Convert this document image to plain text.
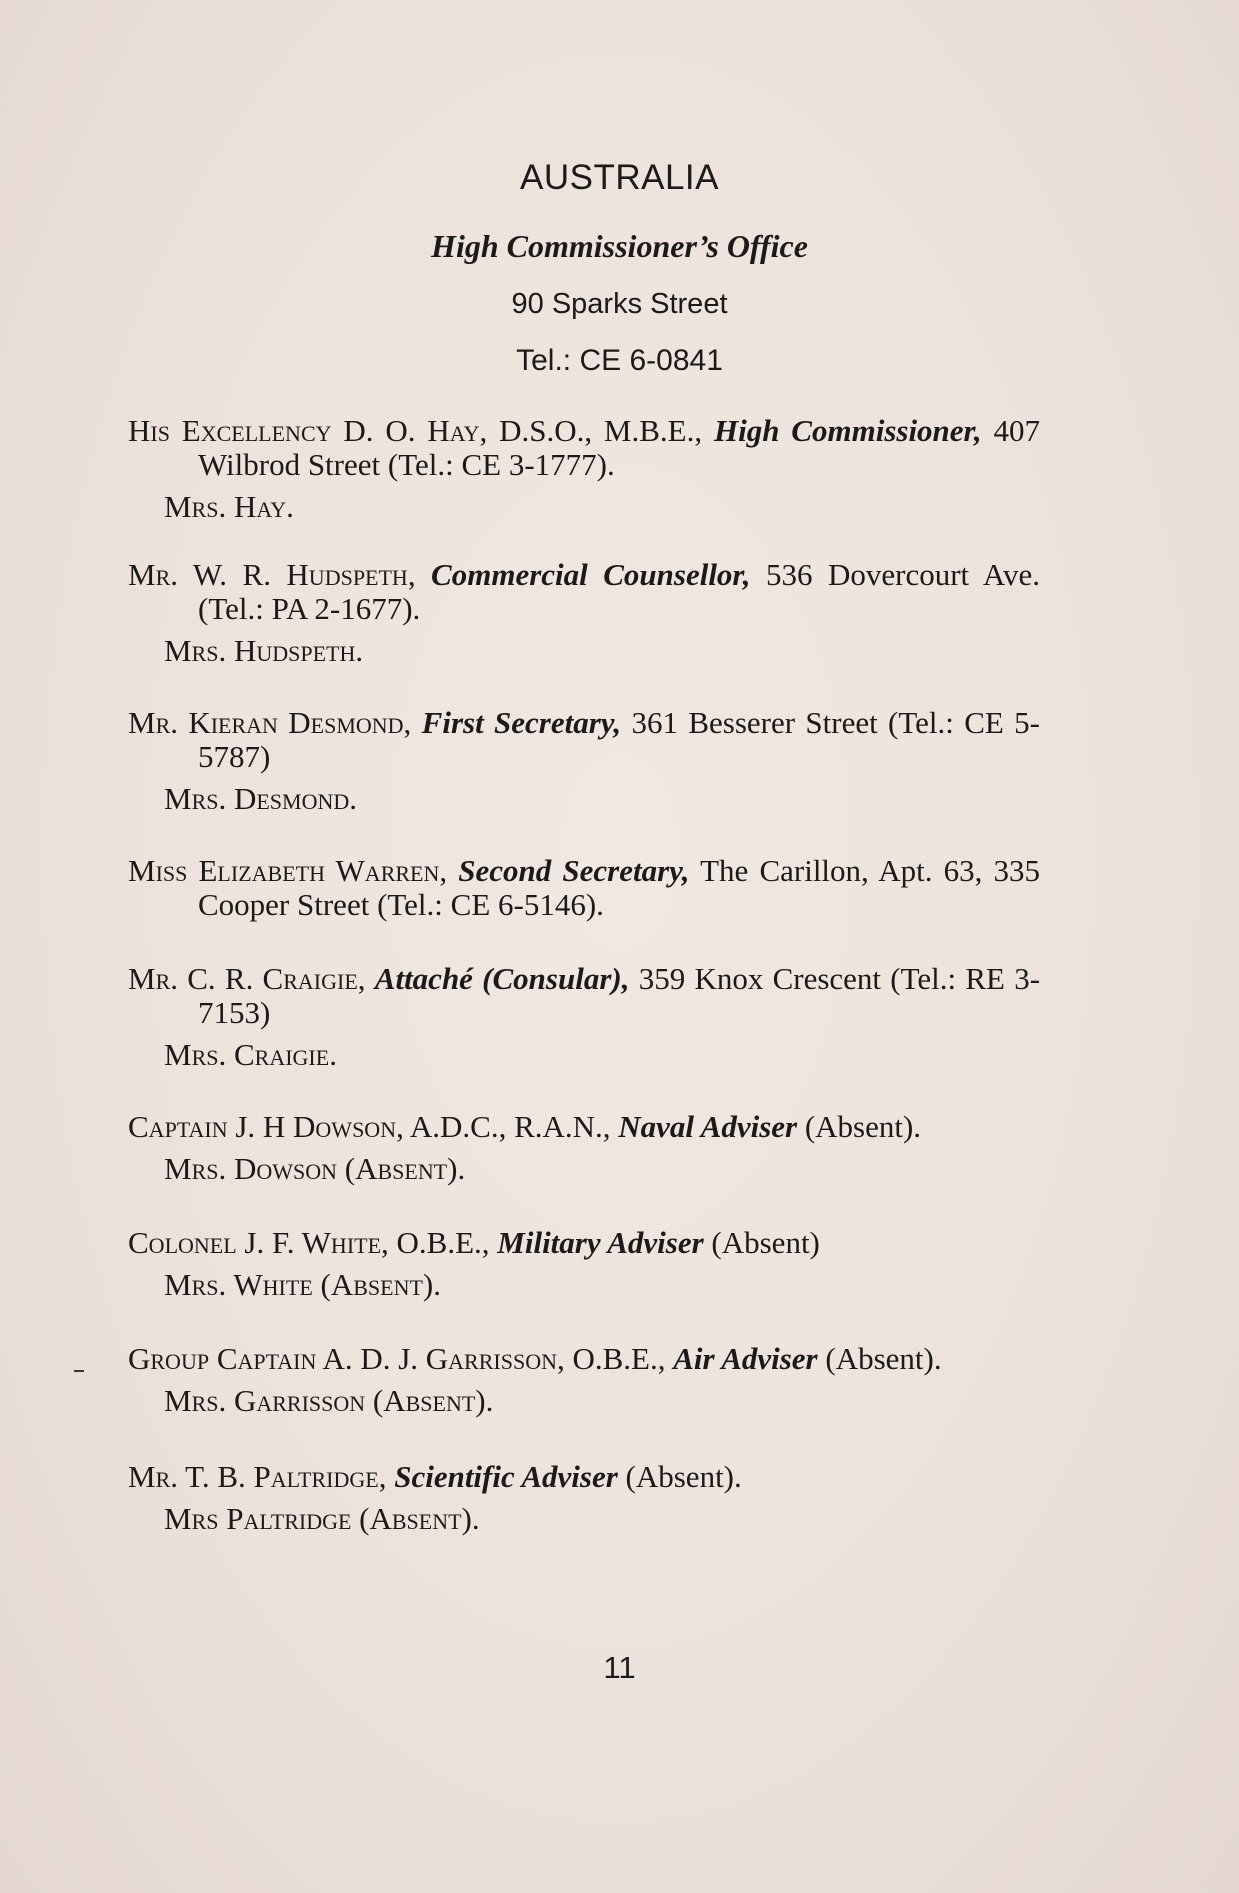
AUSTRALIA
High Commissioner’s Office
90 Sparks Street
Tel.: CE 6-0841
His Excellency D. O. Hay, D.S.O., M.B.E., High Commissioner, 407 Wilbrod Street (Tel.: CE 3-1777).
Mrs. Hay.
Mr. W. R. Hudspeth, Commercial Counsellor, 536 Dovercourt Ave. (Tel.: PA 2-1677).
Mrs. Hudspeth.
Mr. Kieran Desmond, First Secretary, 361 Besserer Street (Tel.: CE 5-5787)
Mrs. Desmond.
Miss Elizabeth Warren, Second Secretary, The Carillon, Apt. 63, 335 Cooper Street (Tel.: CE 6-5146).
Mr. C. R. Craigie, Attaché (Consular), 359 Knox Crescent (Tel.: RE 3-7153)
Mrs. Craigie.
Captain J. H Dowson, A.D.C., R.A.N., Naval Adviser (Absent).
Mrs. Dowson (Absent).
Colonel J. F. White, O.B.E., Military Adviser (Absent)
Mrs. White (Absent).
Group Captain A. D. J. Garrisson, O.B.E., Air Adviser (Absent).
Mrs. Garrisson (Absent).
Mr. T. B. Paltridge, Scientific Adviser (Absent).
Mrs Paltridge (Absent).
11
